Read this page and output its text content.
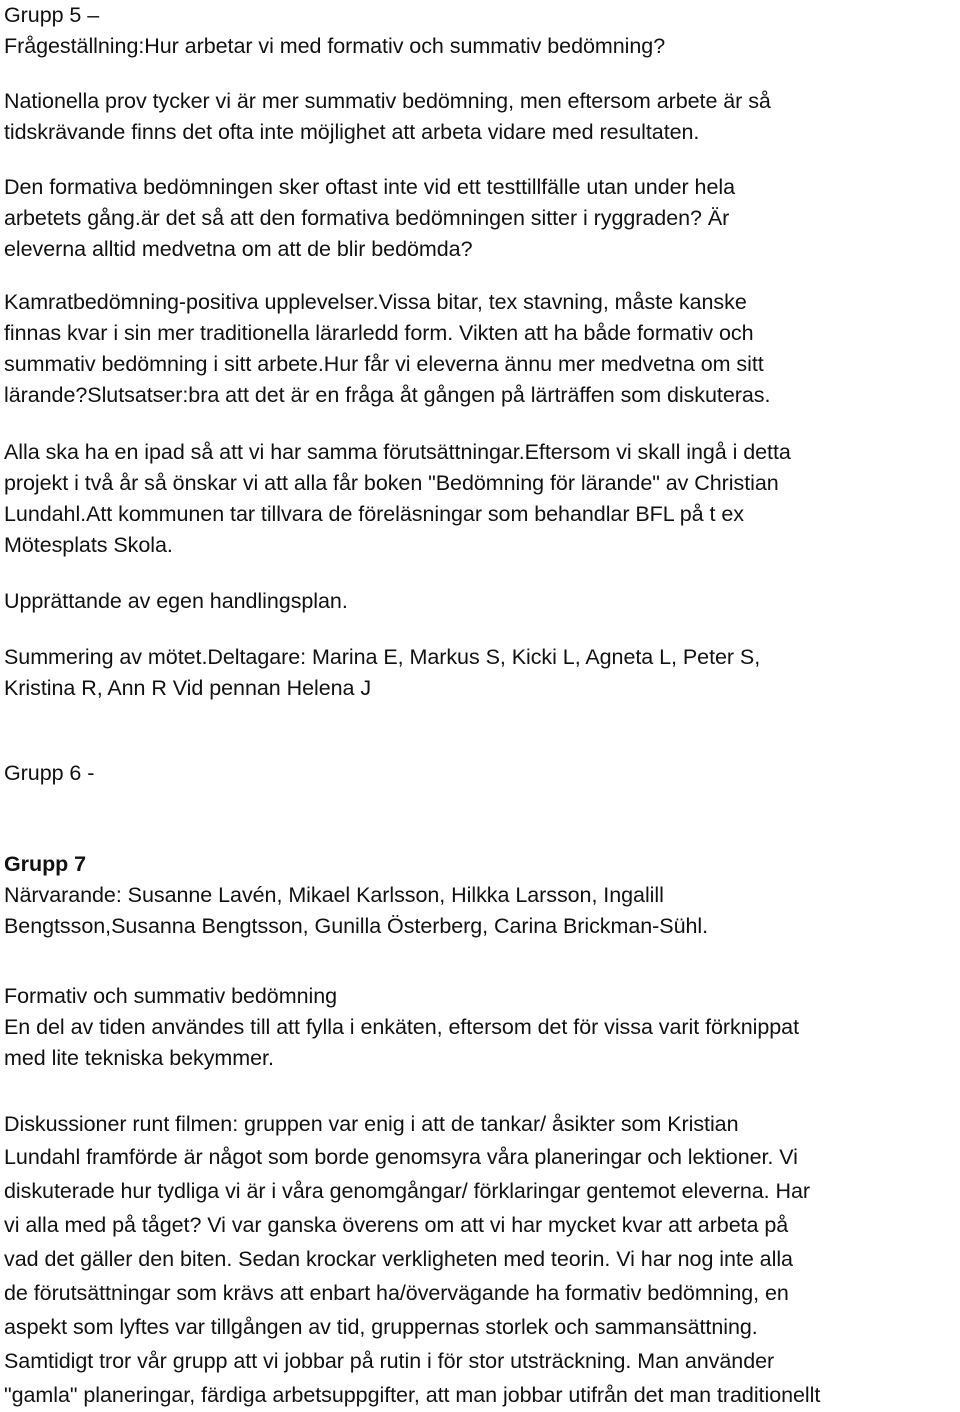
Grupp 5 –
Frågeställning:Hur arbetar vi med formativ och summativ bedömning?
Nationella prov tycker vi är mer summativ bedömning, men eftersom arbete är så
tidskrävande finns det ofta inte möjlighet att arbeta vidare med resultaten.
Den formativa bedömningen sker oftast inte vid ett testtillfälle utan under hela
arbetets gång.är det så att den formativa bedömningen sitter i ryggraden? Är
eleverna alltid medvetna om att de blir bedömda?
Kamratbedömning-positiva upplevelser.Vissa bitar, tex stavning, måste kanske
finnas kvar i sin mer traditionella lärarledd form. Vikten att ha både formativ och
summativ bedömning i sitt arbete.Hur får vi eleverna ännu mer medvetna om sitt
lärande?Slutsatser:bra att det är en fråga åt gången på lärträffen som diskuteras.
Alla ska ha en ipad så att vi har samma förutsättningar.Eftersom vi skall ingå i detta
projekt i två år så önskar vi att alla får boken "Bedömning för lärande" av Christian
Lundahl.Att kommunen tar tillvara de föreläsningar som behandlar BFL på t ex
Mötesplats Skola.
Upprättande av egen handlingsplan.
Summering av mötet.Deltagare: Marina E, Markus S, Kicki L, Agneta L, Peter S,
Kristina R, Ann R Vid pennan Helena J
Grupp 6 -
Grupp 7
Närvarande: Susanne Lavén, Mikael Karlsson, Hilkka Larsson, Ingalill
Bengtsson,Susanna Bengtsson, Gunilla Österberg, Carina Brickman-Sühl.
Formativ och summativ bedömning
En del av tiden användes till att fylla i enkäten, eftersom det för vissa varit förknippat
med lite tekniska bekymmer.
Diskussioner runt filmen: gruppen var enig i att de tankar/ åsikter som Kristian
Lundahl framförde är något som borde genomsyra våra planeringar och lektioner. Vi
diskuterade hur tydliga vi är i våra genomgångar/ förklaringar gentemot eleverna. Har
vi alla med på tåget? Vi var ganska överens om att vi har mycket kvar att arbeta på
vad det gäller den biten. Sedan krockar verkligheten med teorin. Vi har nog inte alla
de förutsättningar som krävs att enbart ha/övervägande ha formativ bedömning, en
aspekt som lyftes var tillgången av tid, gruppernas storlek och sammansättning.
Samtidigt tror vår grupp att vi jobbar på rutin i för stor utsträckning. Man använder
"gamla" planeringar, färdiga arbetsuppgifter, att man jobbar utifrån det man traditionellt
